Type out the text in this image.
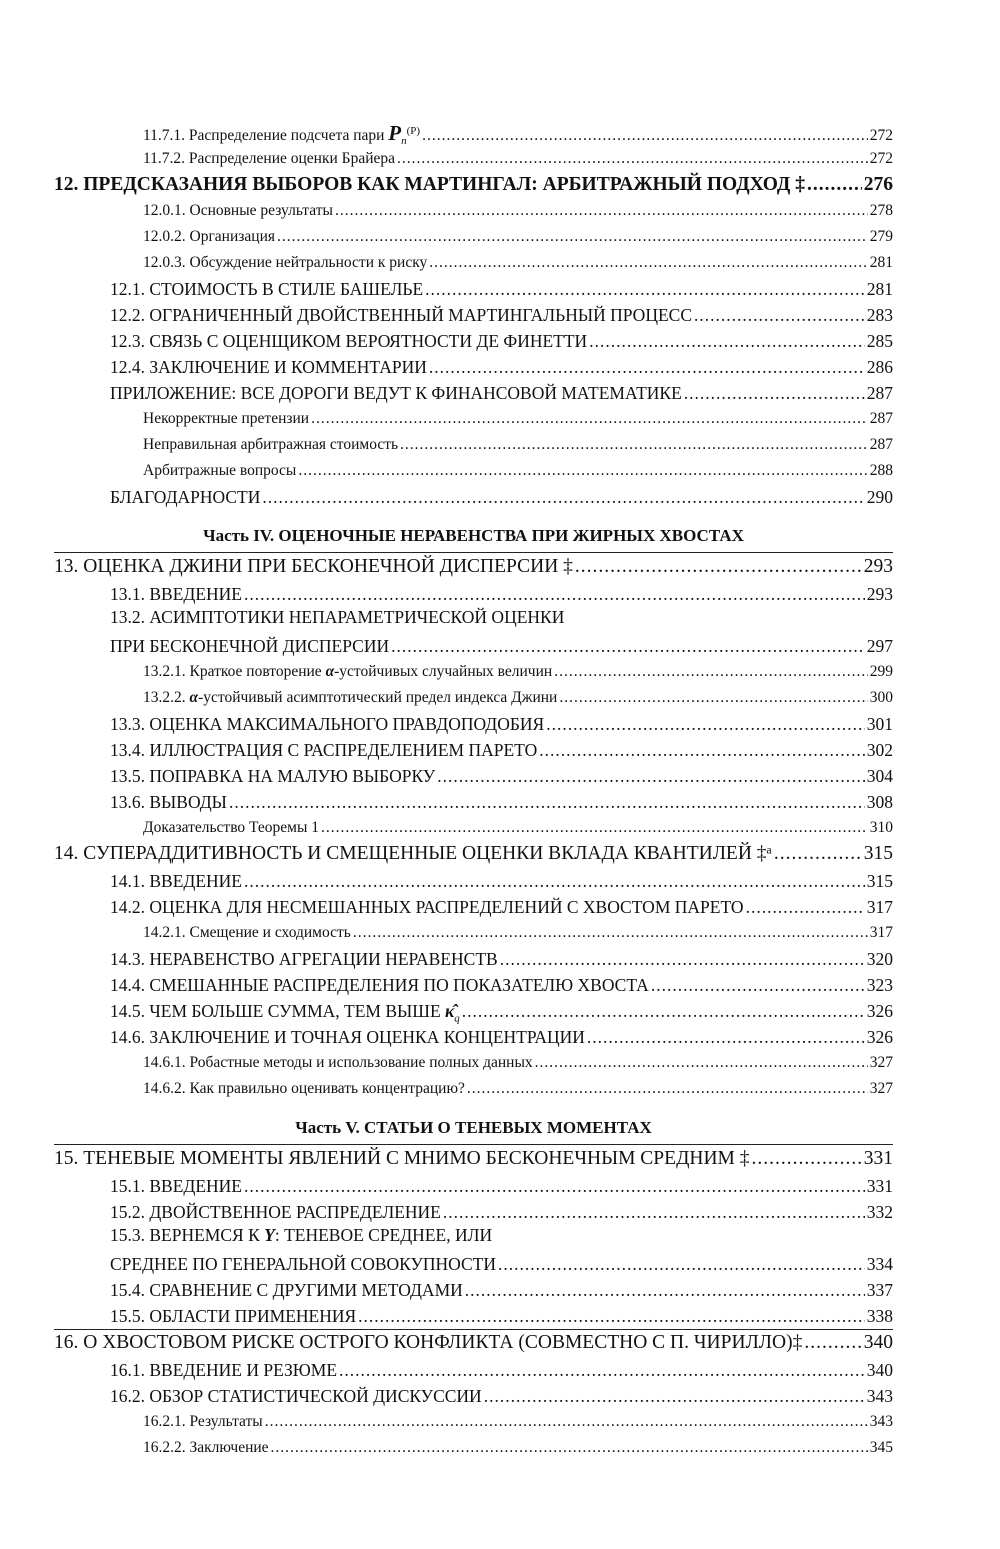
11.7.1. Распределение подсчета пари $P_n^{(P)}$ .....	272
11.7.2. Распределение оценки Брайера .....	272
12. ПРЕДСКАЗАНИЯ ВЫБОРОВ КАК МАРТИНГАЛ: АРБИТРАЖНЫЙ ПОДХОД ‡ .....	276
12.0.1. Основные результаты .....	278
12.0.2. Организация .....	279
12.0.3. Обсуждение нейтральности к риску .....	281
12.1. СТОИМОСТЬ В СТИЛЕ БАШЕЛЬЕ .....	281
12.2. ОГРАНИЧЕННЫЙ ДВОЙСТВЕННЫЙ МАРТИНГАЛЬНЫЙ ПРОЦЕСС .....	283
12.3. СВЯЗЬ С ОЦЕНЩИКОМ ВЕРОЯТНОСТИ ДЕ ФИНЕТТИ .....	285
12.4. ЗАКЛЮЧЕНИЕ И КОММЕНТАРИИ .....	286
ПРИЛОЖЕНИЕ: ВСЕ ДОРОГИ ВЕДУТ К ФИНАНСОВОЙ МАТЕМАТИКЕ .....	287
Некорректные претензии .....	287
Неправильная арбитражная стоимость .....	287
Арбитражные вопросы .....	288
БЛАГОДАРНОСТИ .....	290
Часть IV. ОЦЕНОЧНЫЕ НЕРАВЕНСТВА ПРИ ЖИРНЫХ ХВОСТАХ
13. ОЦЕНКА ДЖИНИ ПРИ БЕСКОНЕЧНОЙ ДИСПЕРСИИ ‡ .....	293
13.1. ВВЕДЕНИЕ .....	293
13.2. АСИМПТОТИКИ НЕПАРАМЕТРИЧЕСКОЙ ОЦЕНКИ
ПРИ БЕСКОНЕЧНОЙ ДИСПЕРСИИ .....	297
13.2.1. Краткое повторение α-устойчивых случайных величин .....	299
13.2.2. α-устойчивый асимптотический предел индекса Джини .....	300
13.3. ОЦЕНКА МАКСИМАЛЬНОГО ПРАВДОПОДОБИЯ .....	301
13.4. ИЛЛЮСТРАЦИЯ С РАСПРЕДЕЛЕНИЕМ ПАРЕТО .....	302
13.5. ПОПРАВКА НА МАЛУЮ ВЫБОРКУ .....	304
13.6. ВЫВОДЫ .....	308
Доказательство Теоремы 1 .....	310
14. СУПЕРАДДИТИВНОСТЬ И СМЕЩЕННЫЕ ОЦЕНКИ ВКЛАДА КВАНТИЛЕЙ ‡ᵃ .....	315
14.1. ВВЕДЕНИЕ .....	315
14.2. ОЦЕНКА ДЛЯ НЕСМЕШАННЫХ РАСПРЕДЕЛЕНИЙ С ХВОСТОМ ПАРЕТО .....	317
14.2.1. Смещение и сходимость .....	317
14.3. НЕРАВЕНСТВО АГРЕГАЦИИ НЕРАВЕНСТВ .....	320
14.4. СМЕШАННЫЕ РАСПРЕДЕЛЕНИЯ ПО ПОКАЗАТЕЛЮ ХВОСТА .....	323
14.5. ЧЕМ БОЛЬШЕ СУММА, ТЕМ ВЫШЕ $\kappâ_q$ .....	326
14.6. ЗАКЛЮЧЕНИЕ И ТОЧНАЯ ОЦЕНКА КОНЦЕНТРАЦИИ .....	326
14.6.1. Робастные методы и использование полных данных .....	327
14.6.2. Как правильно оценивать концентрацию? .....	327
Часть V. СТАТЬИ О ТЕНЕВЫХ МОМЕНТАХ
15. ТЕНЕВЫЕ МОМЕНТЫ ЯВЛЕНИЙ С МНИМО БЕСКОНЕЧНЫМ СРЕДНИМ ‡ .....	331
15.1. ВВЕДЕНИЕ .....	331
15.2. ДВОЙСТВЕННОЕ РАСПРЕДЕЛЕНИЕ .....	332
15.3. ВЕРНЕМСЯ К Y: ТЕНЕВОЕ СРЕДНЕЕ, ИЛИ
СРЕДНЕЕ ПО ГЕНЕРАЛЬНОЙ СОВОКУПНОСТИ .....	334
15.4. СРАВНЕНИЕ С ДРУГИМИ МЕТОДАМИ .....	337
15.5. ОБЛАСТИ ПРИМЕНЕНИЯ .....	338
16. О ХВОСТОВОМ РИСКЕ ОСТРОГО КОНФЛИКТА (СОВМЕСТНО С П. ЧИРИЛЛО)‡ .....	340
16.1. ВВЕДЕНИЕ И РЕЗЮМЕ .....	340
16.2. ОБЗОР СТАТИСТИЧЕСКОЙ ДИСКУССИИ .....	343
16.2.1. Результаты .....	343
16.2.2. Заключение .....	345
